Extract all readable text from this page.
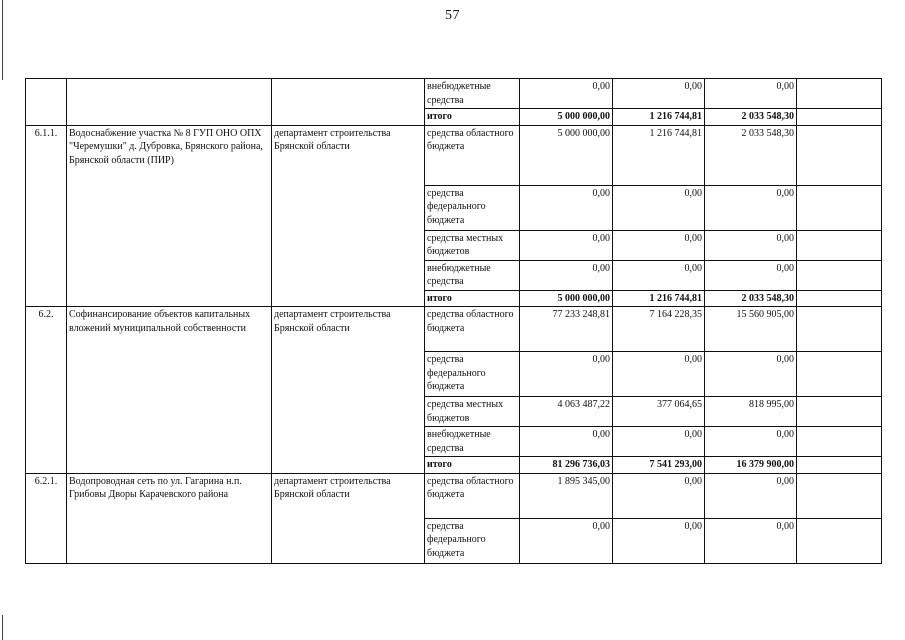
57
			внебюджетные средства	0,00	0,00	0,00	
			итого	5 000 000,00	1 216 744,81	2 033 548,30	
6.1.1.	Водоснабжение участка № 8 ГУП ОНО ОПХ "Черемушки" д. Дубровка, Брянского района, Брянской области (ПИР)	департамент строительства Брянской области	средства областного бюджета	5 000 000,00	1 216 744,81	2 033 548,30	
			средства федерального бюджета	0,00	0,00	0,00	
			средства местных бюджетов	0,00	0,00	0,00	
			внебюджетные средства	0,00	0,00	0,00	
			итого	5 000 000,00	1 216 744,81	2 033 548,30	
6.2.	Софинансирование объектов капитальных вложений муниципальной собственности	департамент строительства Брянской области	средства областного бюджета	77 233 248,81	7 164 228,35	15 560 905,00	
			средства федерального бюджета	0,00	0,00	0,00	
			средства местных бюджетов	4 063 487,22	377 064,65	818 995,00	
			внебюджетные средства	0,00	0,00	0,00	
			итого	81 296 736,03	7 541 293,00	16 379 900,00	
6.2.1.	Водопроводная сеть по ул. Гагарина н.п. Грибовы Дворы Карачевского района	департамент строительства Брянской области	средства областного бюджета	1 895 345,00	0,00	0,00	
			средства федерального бюджета	0,00	0,00	0,00	
